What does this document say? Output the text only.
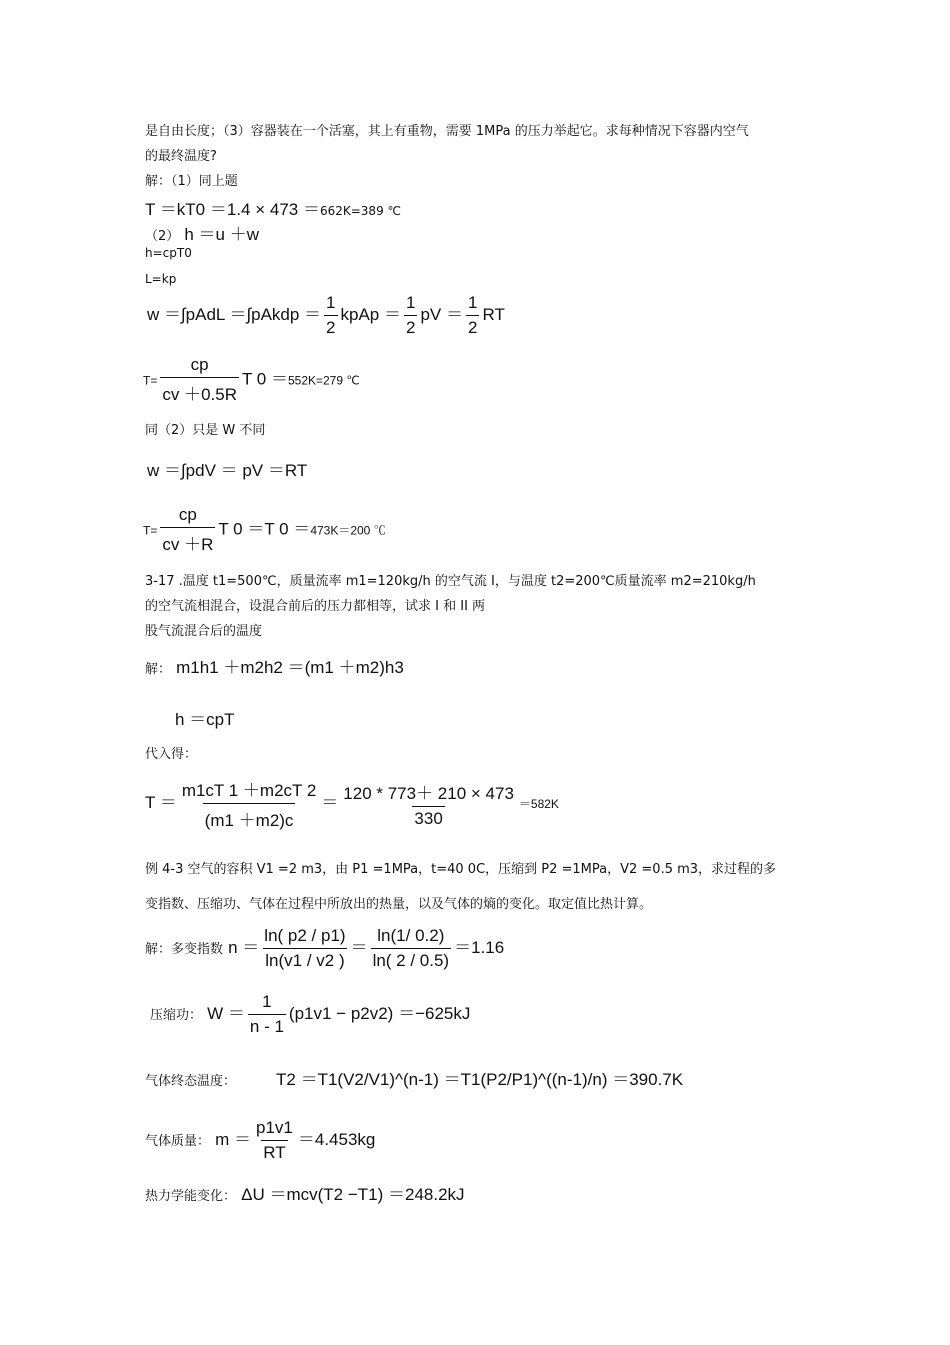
是自由长度；（3）容器装在一个活塞，其上有重物，需要 1MPa 的压力举起它。求每种情况下容器内空气
的最终温度?
解：（1）同上题
T ＝kT0 ＝1.4 × 473 ＝662K=389 ℃
（2） h ＝u ＋w
h=cpT0
L=kp
w ＝∫pAdL ＝∫pAkdp ＝ $\frac{1}{2}$ kpAp ＝ $\frac{1}{2}$ pV ＝ $\frac{1}{2}$ RT
$T= \frac{cp}{cv +0.5R}$ T 0 ＝552K=279 ℃
同（2）只是 W 不同
w ＝∫pdV ＝ pV ＝RT
$T= \frac{cp}{cv +R}$ T 0 ＝T 0 ＝473K＝200 ℃
3-17 .温度 t1=500℃，质量流率 m1=120kg/h 的空气流 I，与温度 t2=200℃质量流率 m2=210kg/h
的空气流相混合，设混合前后的压力都相等，试求 I 和 II 两
股气流混合后的温度
解： m1h1 ＋m2h2 ＝(m1 ＋m2)h3
h ＝cpT
代入得：
$T = \frac{m1cT 1 +m2cT 2}{(m1 +m2)c} = \frac{120 * 773+ 210 \times 473}{330} =582K$
例 4-3 空气的容积 V1 =2 m3，由 P1 =1MPa，t=40 0C，压缩到 P2 =1MPa，V2 =0.5 m3，求过程的多
变指数、压缩功、气体在过程中所放出的热量，以及气体的熵的变化。取定值比热计算。
解：多变指数 $n = \frac{\ln( p2 / p1)}{\ln(v1 / v2 )} = \frac{\ln(1/ 0.2)}{\ln( 2 / 0.5)} =1.16$
压缩功： $W = \frac{1}{n - 1} (p1v1 - p2v2) =-625kJ$
气体终态温度： T2 ＝T1(V2/V1)^(n-1) ＝T1(P2/P1)^((n-1)/n) ＝390.7K
气体质量： $m = \frac{p1v1}{RT} =4.453kg$
热力学能变化： ΔU ＝mcv(T2 −T1) ＝248.2kJ
